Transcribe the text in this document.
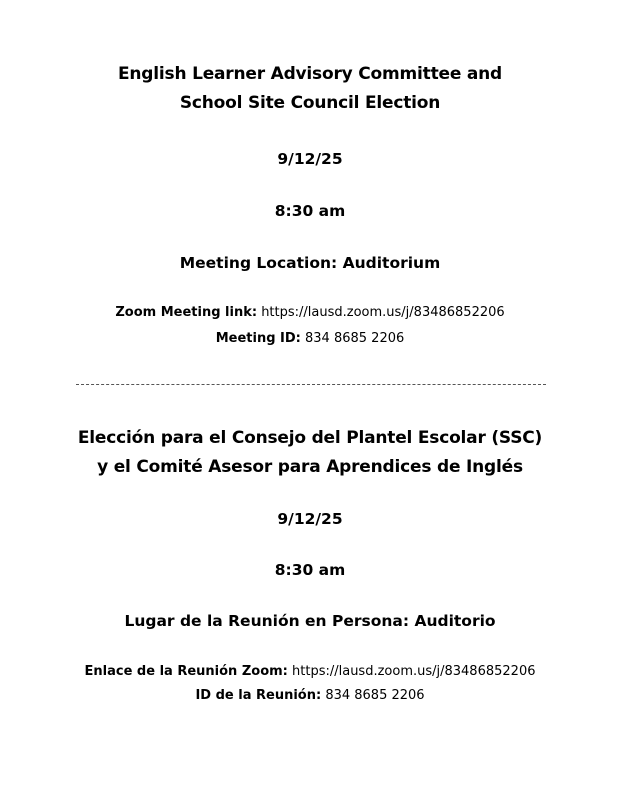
English Learner Advisory Committee and
School Site Council Election
9/12/25
8:30 am
Meeting Location: Auditorium
Zoom Meeting link: https://lausd.zoom.us/j/83486852206
Meeting ID: 834 8685 2206
Elección para el Consejo del Plantel Escolar (SSC)
y el Comité Asesor para Aprendices de Inglés
9/12/25
8:30 am
Lugar de la Reunión en Persona: Auditorio
Enlace de la Reunión Zoom: https://lausd.zoom.us/j/83486852206
ID de la Reunión: 834 8685 2206
